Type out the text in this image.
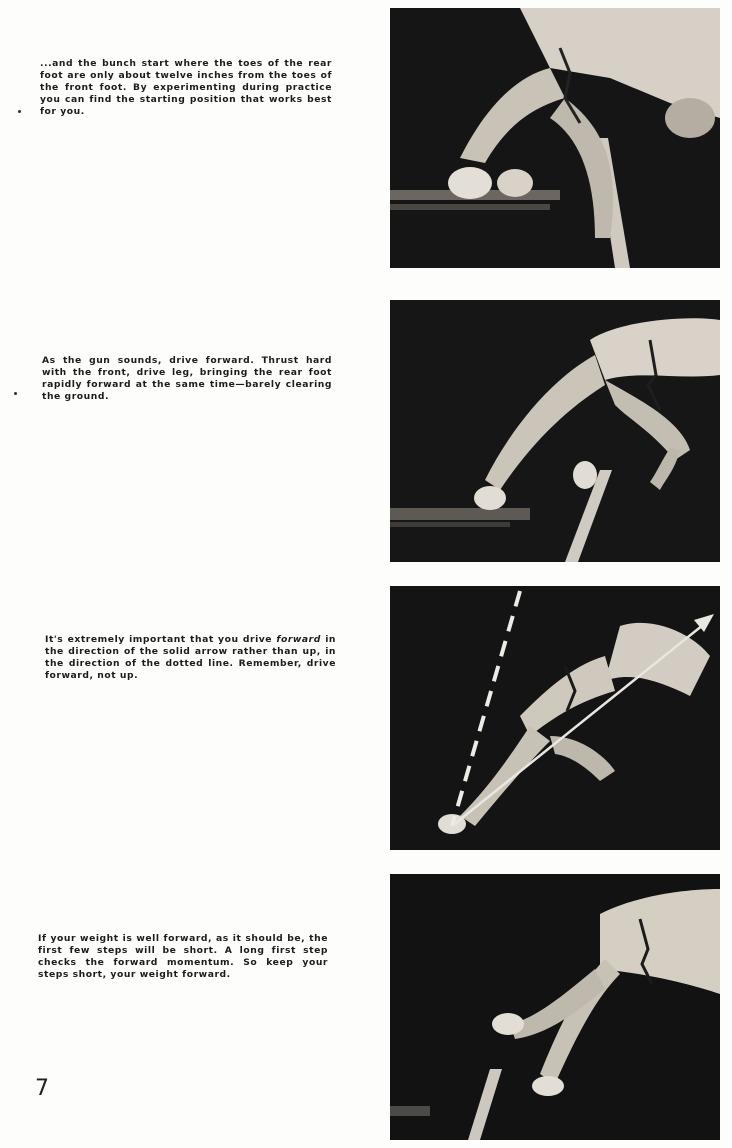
...and the bunch start where the toes of the rear foot are only about twelve inches from the toes of the front foot. By experimenting during practice you can find the starting position that works best for you.

As the gun sounds, drive forward. Thrust hard with the front, drive leg, bringing the rear foot rapidly forward at the same time—barely clearing the ground.

It's extremely important that you drive forward in the direction of the solid arrow rather than up, in the direction of the dotted line. Remember, drive forward, not up.

If your weight is well forward, as it should be, the first few steps will be short. A long first step checks the forward momentum. So keep your steps short, your weight forward.

7
